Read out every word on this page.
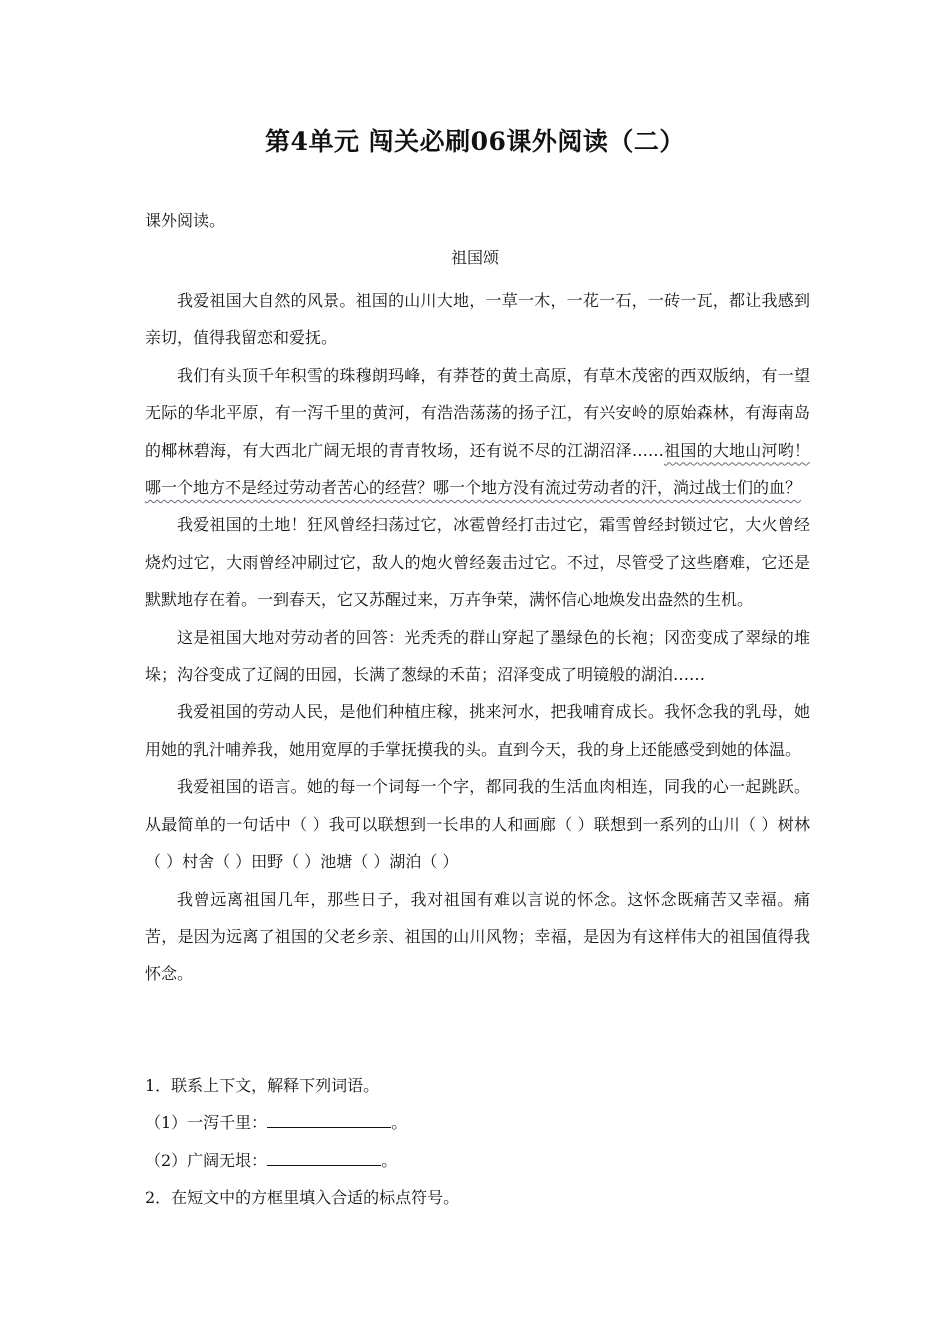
第4单元 闯关必刷06课外阅读（二）
课外阅读。
祖国颂

我爱祖国大自然的风景。祖国的山川大地，一草一木，一花一石，一砖一瓦，都让我感到亲切，值得我留恋和爱抚。

我们有头顶千年积雪的珠穆朗玛峰，有莽苍的黄土高原，有草木茂密的西双版纳，有一望无际的华北平原，有一泻千里的黄河，有浩浩荡荡的扬子江，有兴安岭的原始森林，有海南岛的椰林碧海，有大西北广阔无垠的青青牧场，还有说不尽的江湖沼泽……祖国的大地山河哟！哪一个地方不是经过劳动者苦心的经营？哪一个地方没有流过劳动者的汗，淌过战士们的血？

我爱祖国的土地！狂风曾经扫荡过它，冰雹曾经打击过它，霜雪曾经封锁过它，大火曾经烧灼过它，大雨曾经冲刷过它，敌人的炮火曾经轰击过它。不过，尽管受了这些磨难，它还是默默地存在着。一到春天，它又苏醒过来，万卉争荣，满怀信心地焕发出盎然的生机。

这是祖国大地对劳动者的回答：光秃秃的群山穿起了墨绿色的长袍；冈峦变成了翠绿的堆垛；沟谷变成了辽阔的田园，长满了葱绿的禾苗；沼泽变成了明镜般的湖泊……

我爱祖国的劳动人民，是他们种植庄稼，挑来河水，把我哺育成长。我怀念我的乳母，她用她的乳汁哺养我，她用宽厚的手掌抚摸我的头。直到今天，我的身上还能感受到她的体温。

我爱祖国的语言。她的每一个词每一个字，都同我的生活血肉相连，同我的心一起跳跃。从最简单的一句话中（ ）我可以联想到一长串的人和画廊（ ）联想到一系列的山川（ ）树林（ ）村舍（ ）田野（ ）池塘（ ）湖泊（ ）

我曾远离祖国几年，那些日子，我对祖国有难以言说的怀念。这怀念既痛苦又幸福。痛苦，是因为远离了祖国的父老乡亲、祖国的山川风物；幸福，是因为有这样伟大的祖国值得我怀念。

1．联系上下文，解释下列词语。

（1）一泻千里：	。

（2）广阔无垠：	。

2．在短文中的方框里填入合适的标点符号。
